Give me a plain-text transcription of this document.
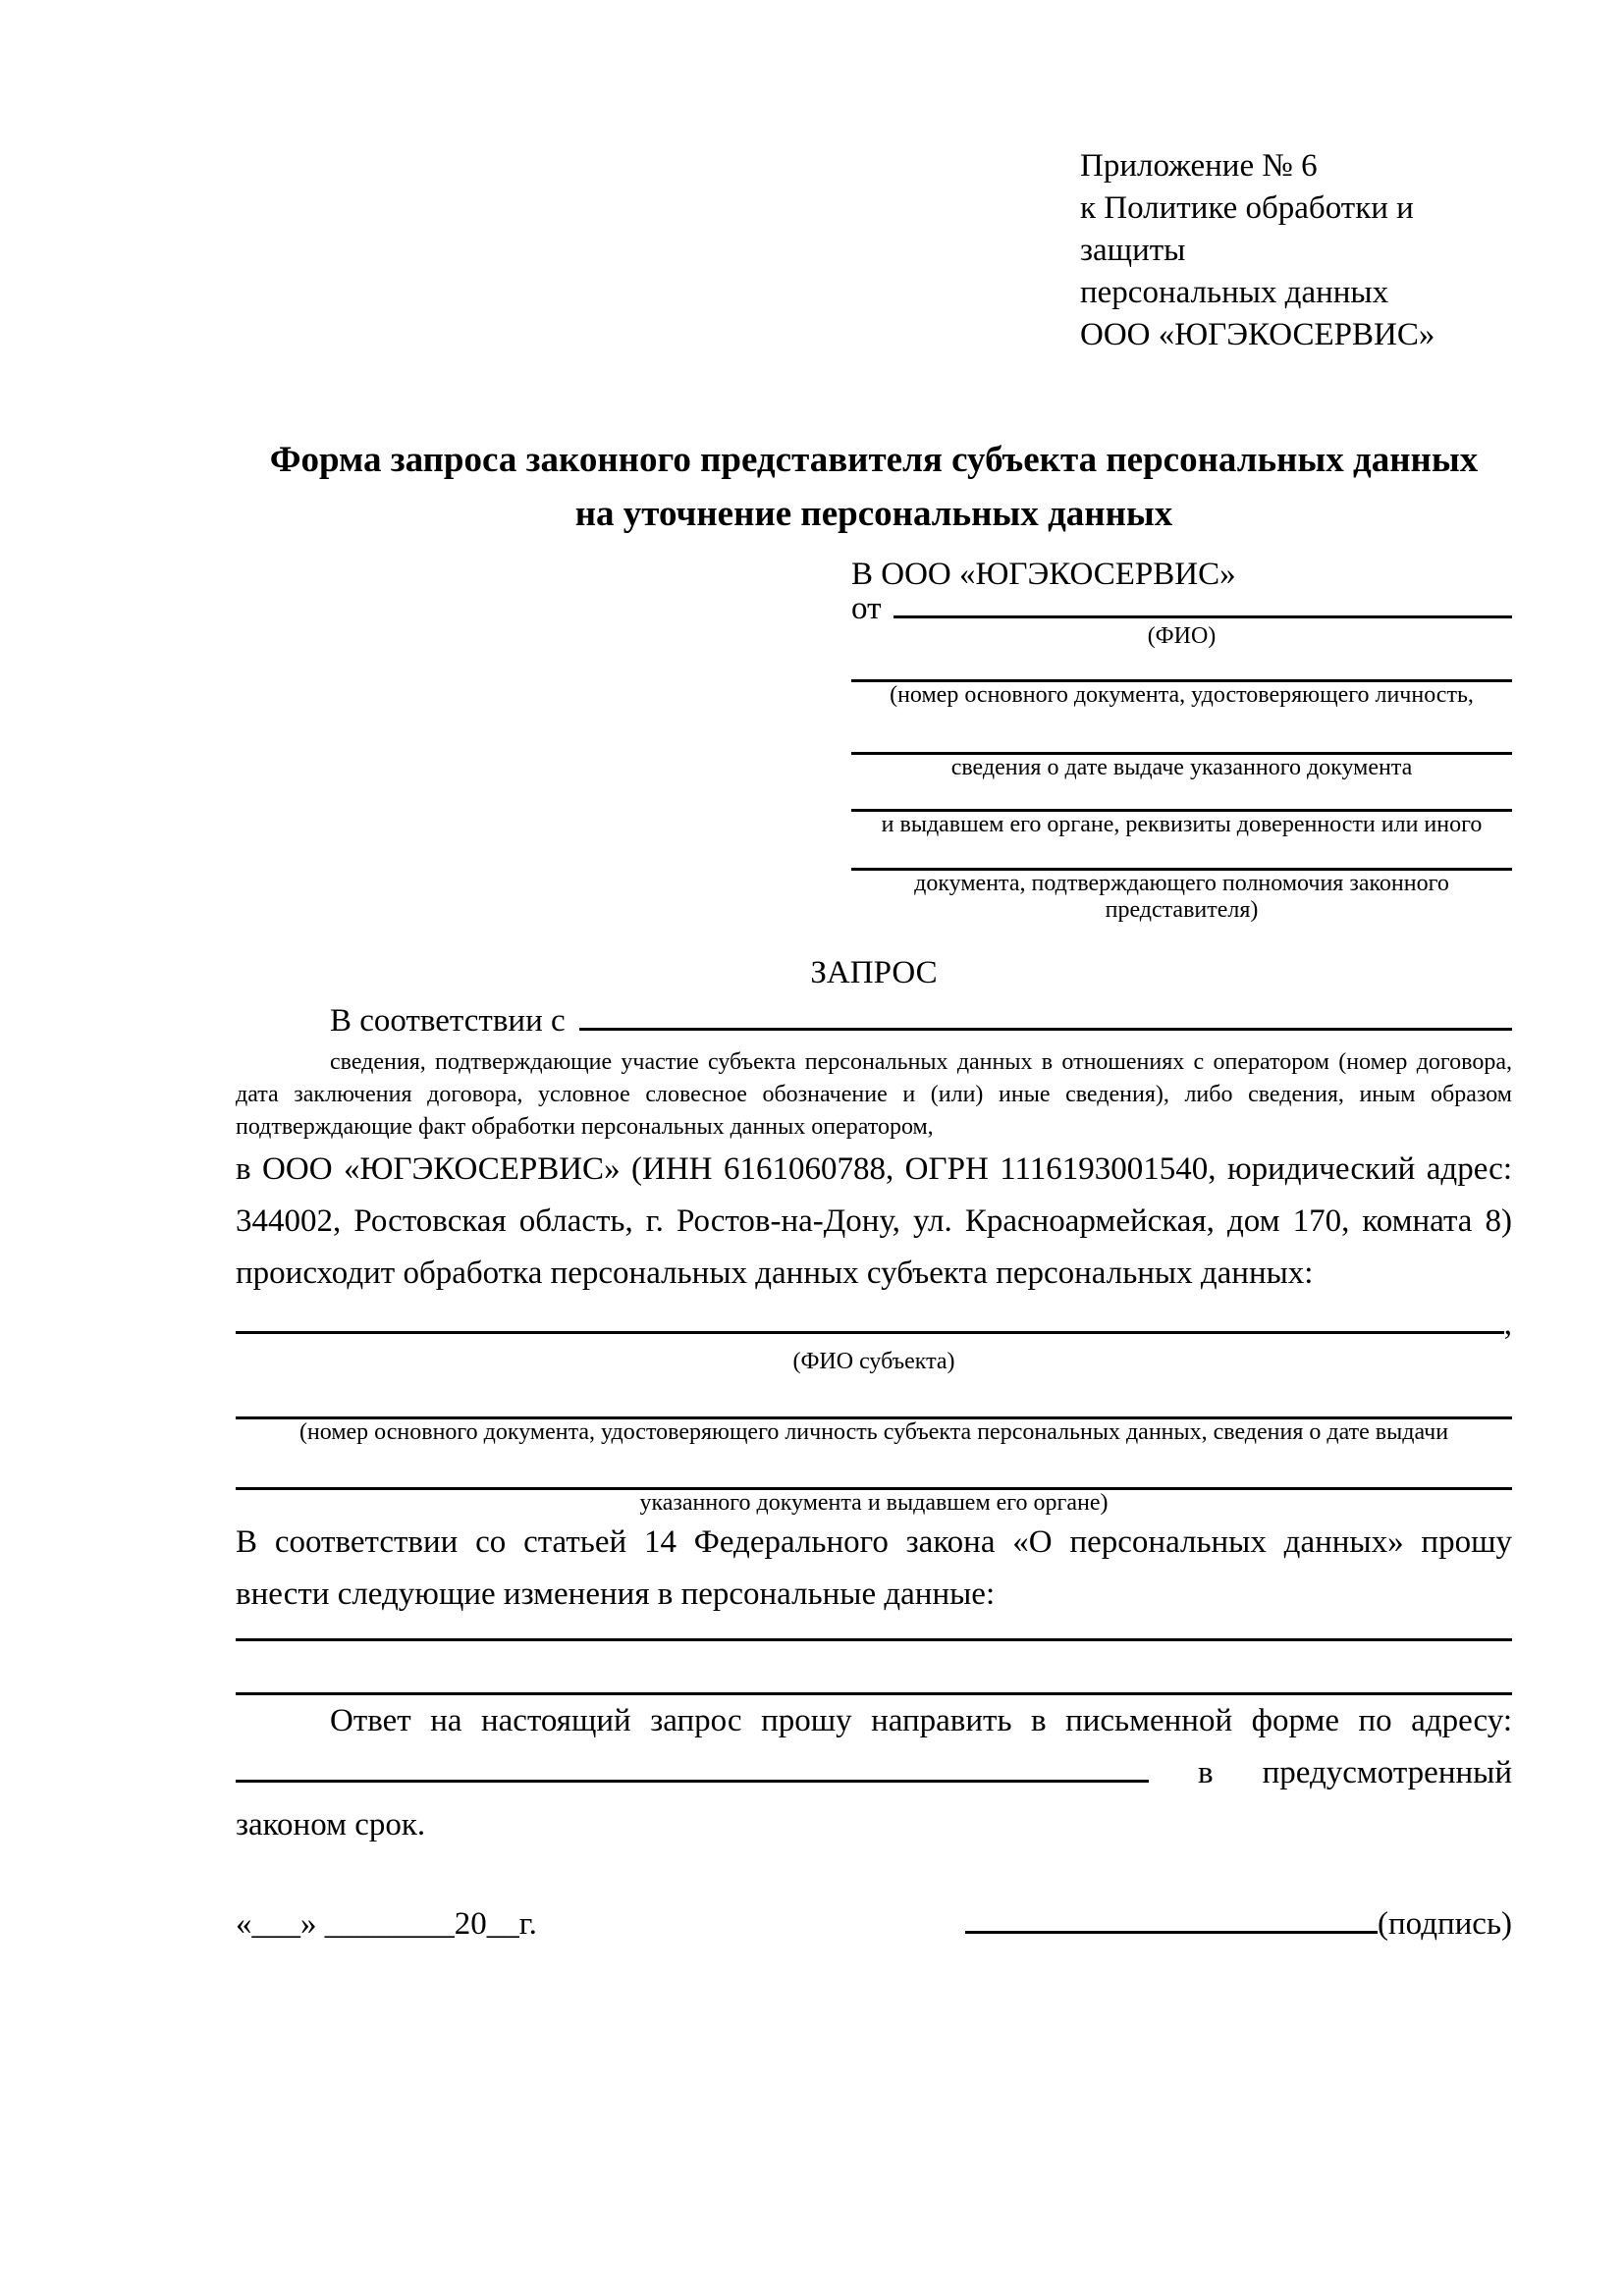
Приложение № 6
к Политике обработки и защиты
персональных данных
ООО «ЮГЭКОСЕРВИС»
Форма запроса законного представителя субъекта персональных данных
на уточнение персональных данных
В ООО «ЮГЭКОСЕРВИС»
от
(ФИО)
(номер основного документа, удостоверяющего личность,
сведения о дате выдаче указанного документа
и выдавшем его органе, реквизиты доверенности или иного
документа, подтверждающего полномочия законного представителя)
ЗАПРОС
В соответствии с
сведения, подтверждающие участие субъекта персональных данных в отношениях с оператором (номер договора, дата заключения договора, условное словесное обозначение и (или) иные сведения), либо сведения, иным образом подтверждающие факт обработки персональных данных оператором,
в ООО «ЮГЭКОСЕРВИС» (ИНН 6161060788, ОГРН 1116193001540, юридический адрес:
344002, Ростовская область, г. Ростов-на-Дону, ул. Красноармейская, дом 170, комната 8)
происходит обработка персональных данных субъекта персональных данных:
,
(ФИО субъекта)
(номер основного документа, удостоверяющего личность субъекта персональных данных, сведения о дате выдачи
указанного документа и выдавшем его органе)
В соответствии со статьей 14 Федерального закона «О персональных данных» прошу
внести следующие изменения в персональные данные:
Ответ на настоящий запрос прошу направить в письменной форме по адресу:
в предусмотренный
законом срок.
«___» ________20__г.	(подпись)
